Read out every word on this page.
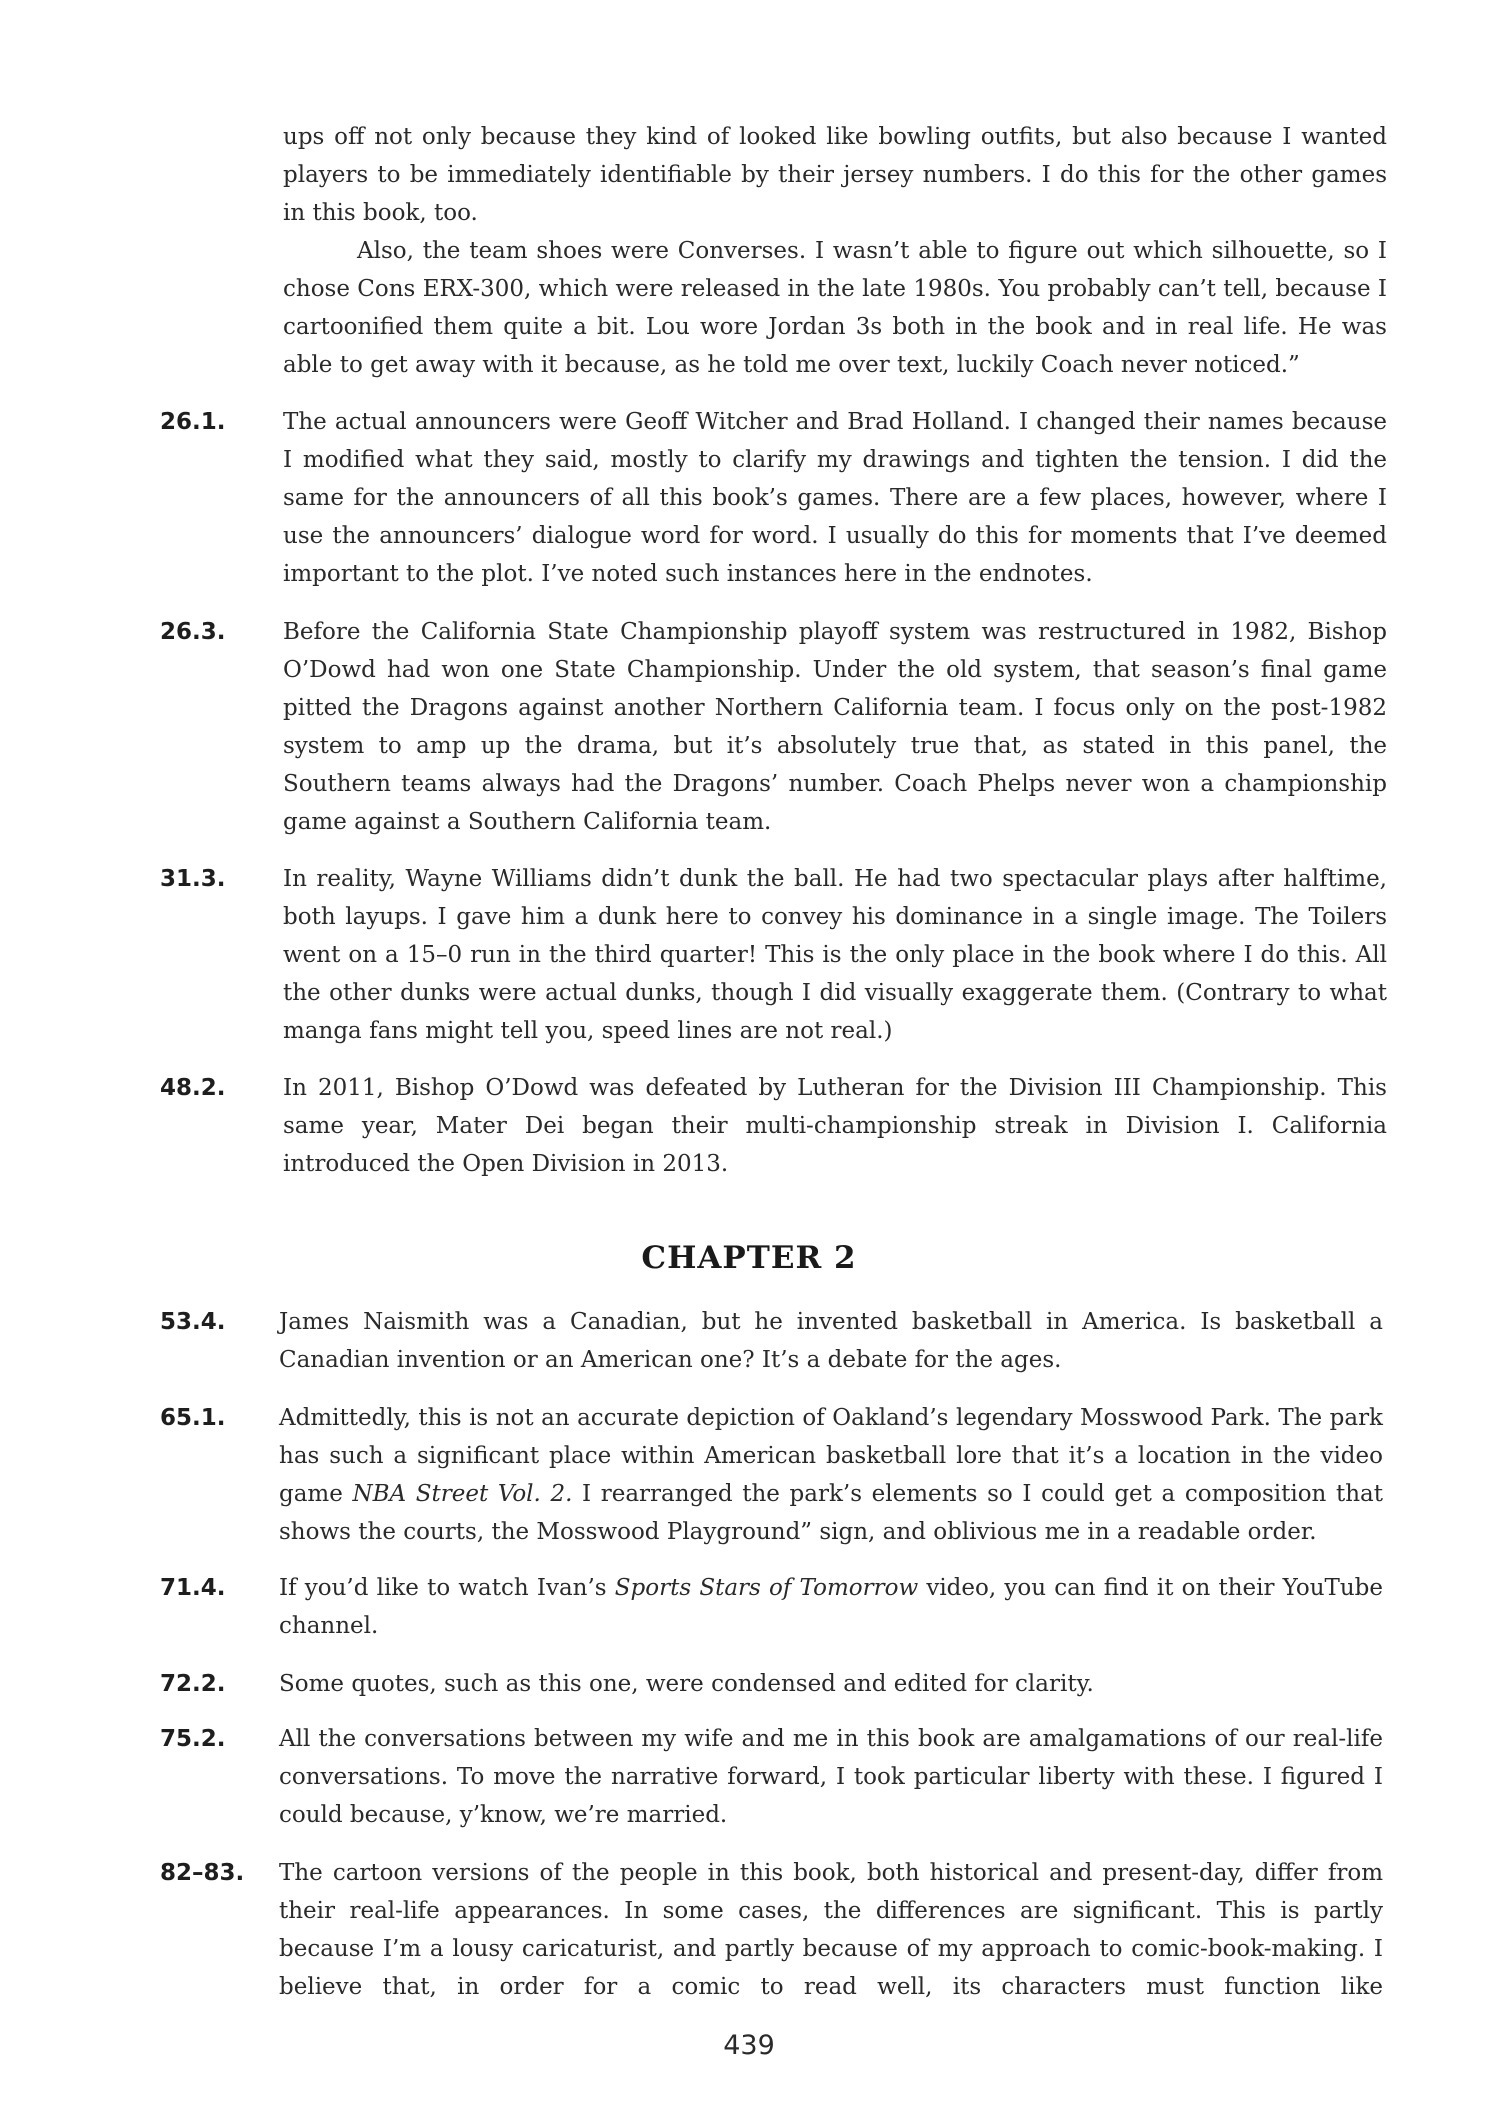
ups off not only because they kind of looked like bowling outfits, but also because I wanted players to be immediately identifiable by their jersey numbers. I do this for the other games in this book, too.

Also, the team shoes were Converses. I wasn’t able to figure out which silhouette, so I chose Cons ERX-300, which were released in the late 1980s. You probably can’t tell, because I cartoonified them quite a bit. Lou wore Jordan 3s both in the book and in real life. He was able to get away with it because, as he told me over text, luckily Coach never noticed.”

26.1.	The actual announcers were Geoff Witcher and Brad Holland. I changed their names because I modified what they said, mostly to clarify my drawings and tighten the tension. I did the same for the announcers of all this book’s games. There are a few places, however, where I use the announcers’ dialogue word for word. I usually do this for moments that I’ve deemed important to the plot. I’ve noted such instances here in the endnotes.

26.3.	Before the California State Championship playoff system was restructured in 1982, Bishop O’Dowd had won one State Championship. Under the old system, that season’s final game pitted the Dragons against another Northern California team. I focus only on the post-1982 system to amp up the drama, but it’s absolutely true that, as stated in this panel, the Southern teams always had the Dragons’ number. Coach Phelps never won a championship game against a Southern California team.

31.3.	In reality, Wayne Williams didn’t dunk the ball. He had two spectacular plays after halftime, both layups. I gave him a dunk here to convey his dominance in a single image. The Toilers went on a 15–0 run in the third quarter! This is the only place in the book where I do this. All the other dunks were actual dunks, though I did visually exaggerate them. (Contrary to what manga fans might tell you, speed lines are not real.)

48.2.	In 2011, Bishop O’Dowd was defeated by Lutheran for the Division III Championship. This same year, Mater Dei began their multi-championship streak in Division I. California introduced the Open Division in 2013.

CHAPTER 2
53.4. James Naismith was a Canadian, but he invented basketball in America. Is basketball a Canadian invention or an American one? It’s a debate for the ages.

65.1. Admittedly, this is not an accurate depiction of Oakland’s legendary Mosswood Park. The park has such a significant place within American basketball lore that it’s a location in the video game NBA Street Vol. 2. I rearranged the park’s elements so I could get a composition that shows the courts, the Mosswood Playground” sign, and oblivious me in a readable order.

71.4. If you’d like to watch Ivan’s Sports Stars of Tomorrow video, you can find it on their YouTube channel.

72.2. Some quotes, such as this one, were condensed and edited for clarity.

75.2. All the conversations between my wife and me in this book are amalgamations of our real-life conversations. To move the narrative forward, I took particular liberty with these. I figured I could because, y’know, we’re married.

82–83. The cartoon versions of the people in this book, both historical and present-day, differ from their real-life appearances. In some cases, the differences are significant. This is partly because I’m a lousy caricaturist, and partly because of my approach to comic-book-making. I believe that, in order for a comic to read well, its characters must function like

439
